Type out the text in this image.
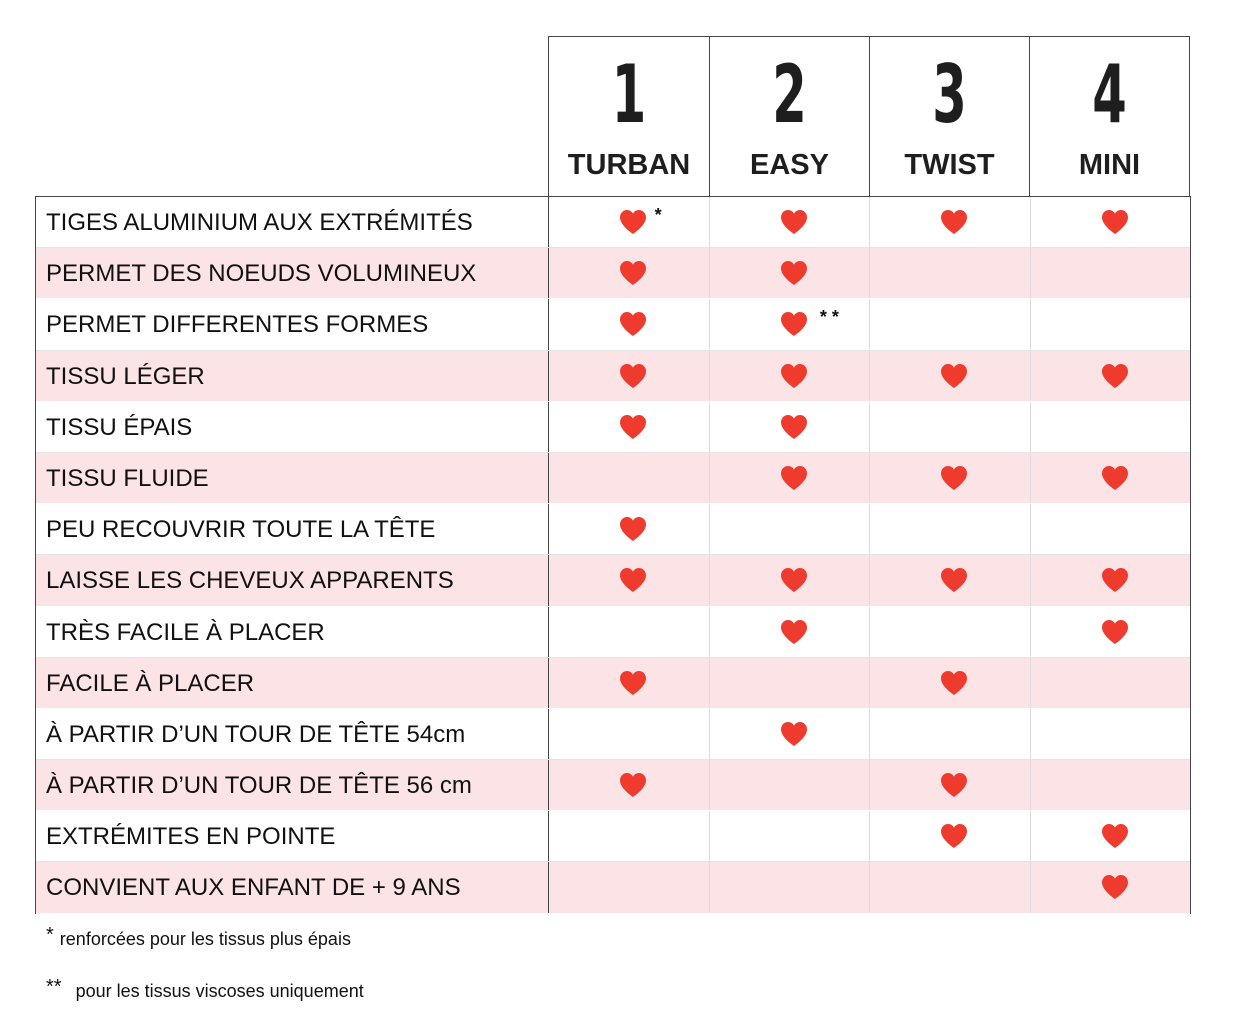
1
TURBAN
2
EASY
3
TWIST
4
MINI
TIGES ALUMINIUM AUX EXTRÉMITÉS	*
PERMET DES NOEUDS VOLUMINEUX
PERMET DIFFERENTES FORMES	* *
TISSU LÉGER
TISSU ÉPAIS
TISSU FLUIDE
PEU RECOUVRIR TOUTE LA TÊTE
LAISSE LES CHEVEUX APPARENTS
TRÈS FACILE À PLACER
FACILE À PLACER
À PARTIR D’UN TOUR DE TÊTE 54cm
À PARTIR D’UN TOUR DE TÊTE 56 cm
EXTRÉMITES EN POINTE
CONVIENT AUX ENFANT DE + 9 ANS
* renforcées pour les tissus plus épais
** pour les tissus viscoses uniquement
